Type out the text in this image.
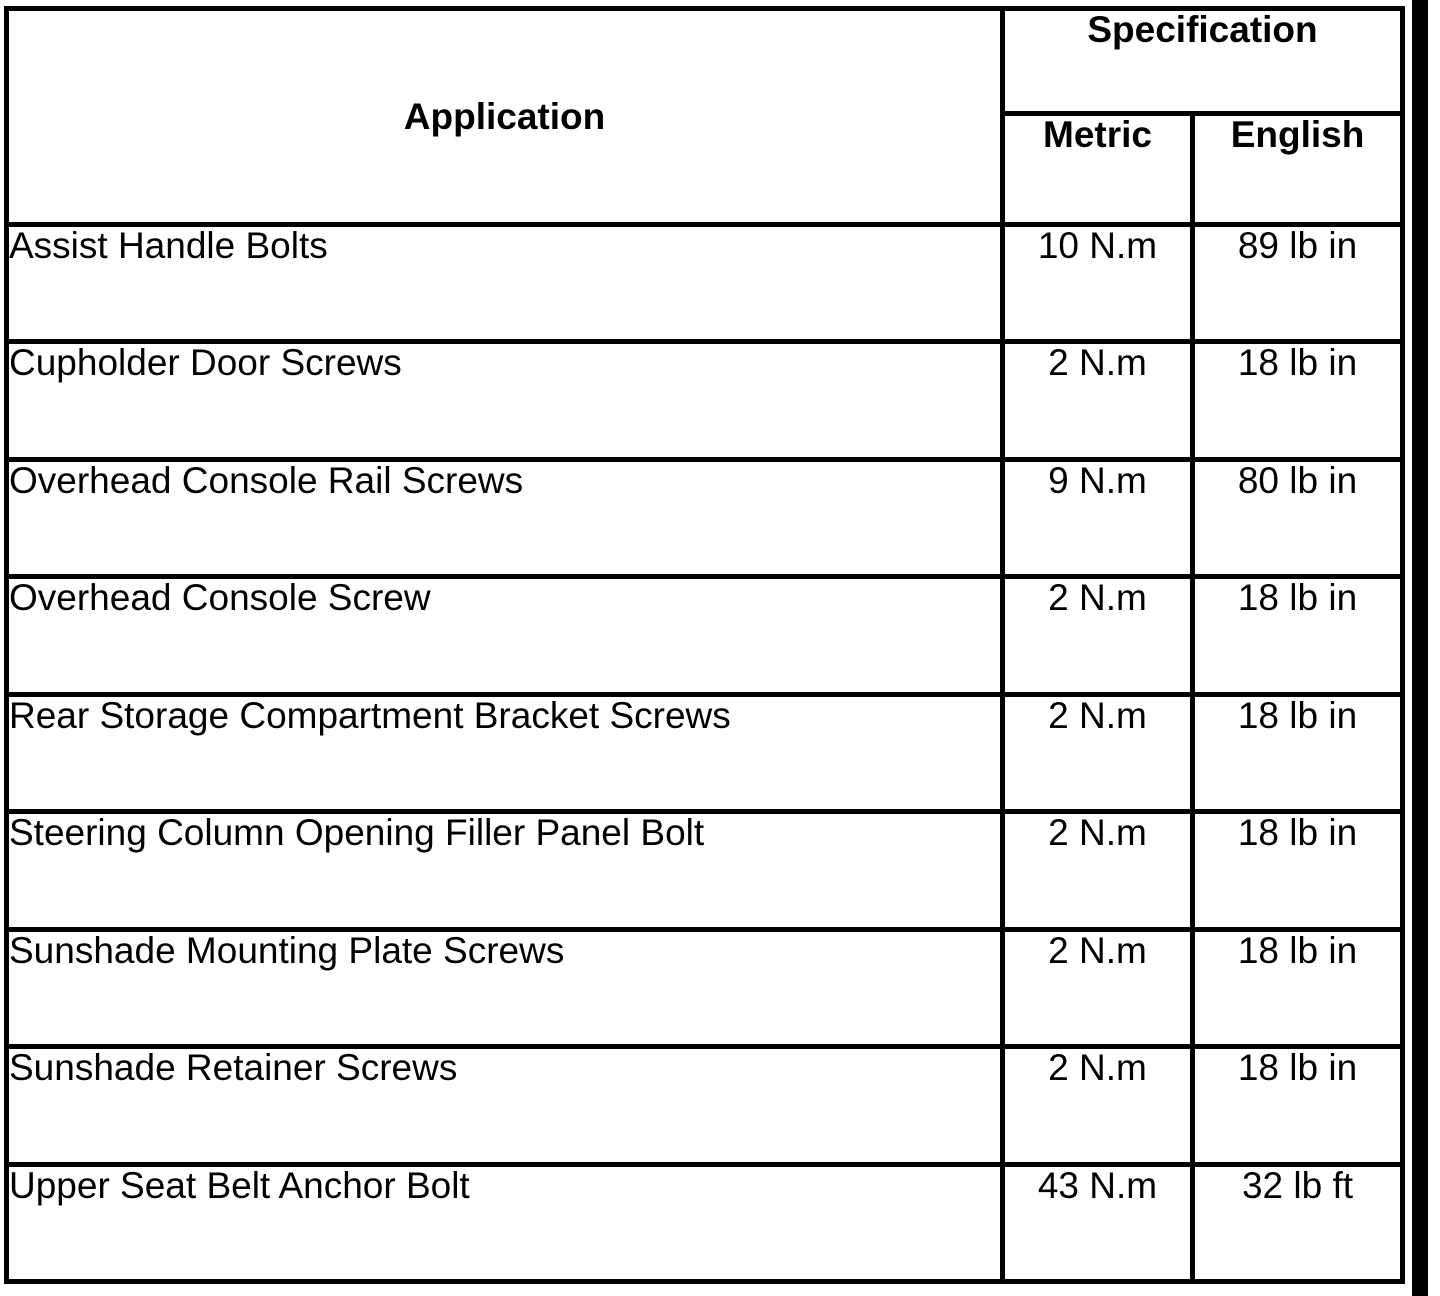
Application	Specification	
	Metric	English
Assist Handle Bolts	10 N.m	89 lb in
Cupholder Door Screws	2 N.m	18 lb in
Overhead Console Rail Screws	9 N.m	80 lb in
Overhead Console Screw	2 N.m	18 lb in
Rear Storage Compartment Bracket Screws	2 N.m	18 lb in
Steering Column Opening Filler Panel Bolt	2 N.m	18 lb in
Sunshade Mounting Plate Screws	2 N.m	18 lb in
Sunshade Retainer Screws	2 N.m	18 lb in
Upper Seat Belt Anchor Bolt	43 N.m	32 lb ft
